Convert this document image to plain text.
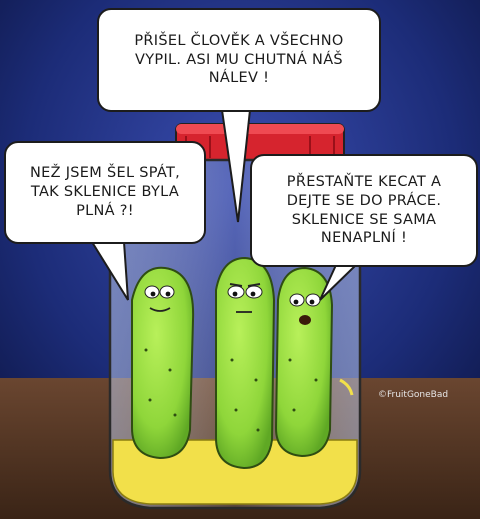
PŘIŠEL ČLOVĚK A VŠECHNO VYPIL. ASI MU CHUTNÁ NÁŠ NÁLEV !
NEŽ JSEM ŠEL SPÁT, TAK SKLENICE BYLA PLNÁ ?!
PŘESTAŇTE KECAT A DEJTE SE DO PRÁCE. SKLENICE SE SAMA NENAPLNÍ !
©FruitGoneBad
